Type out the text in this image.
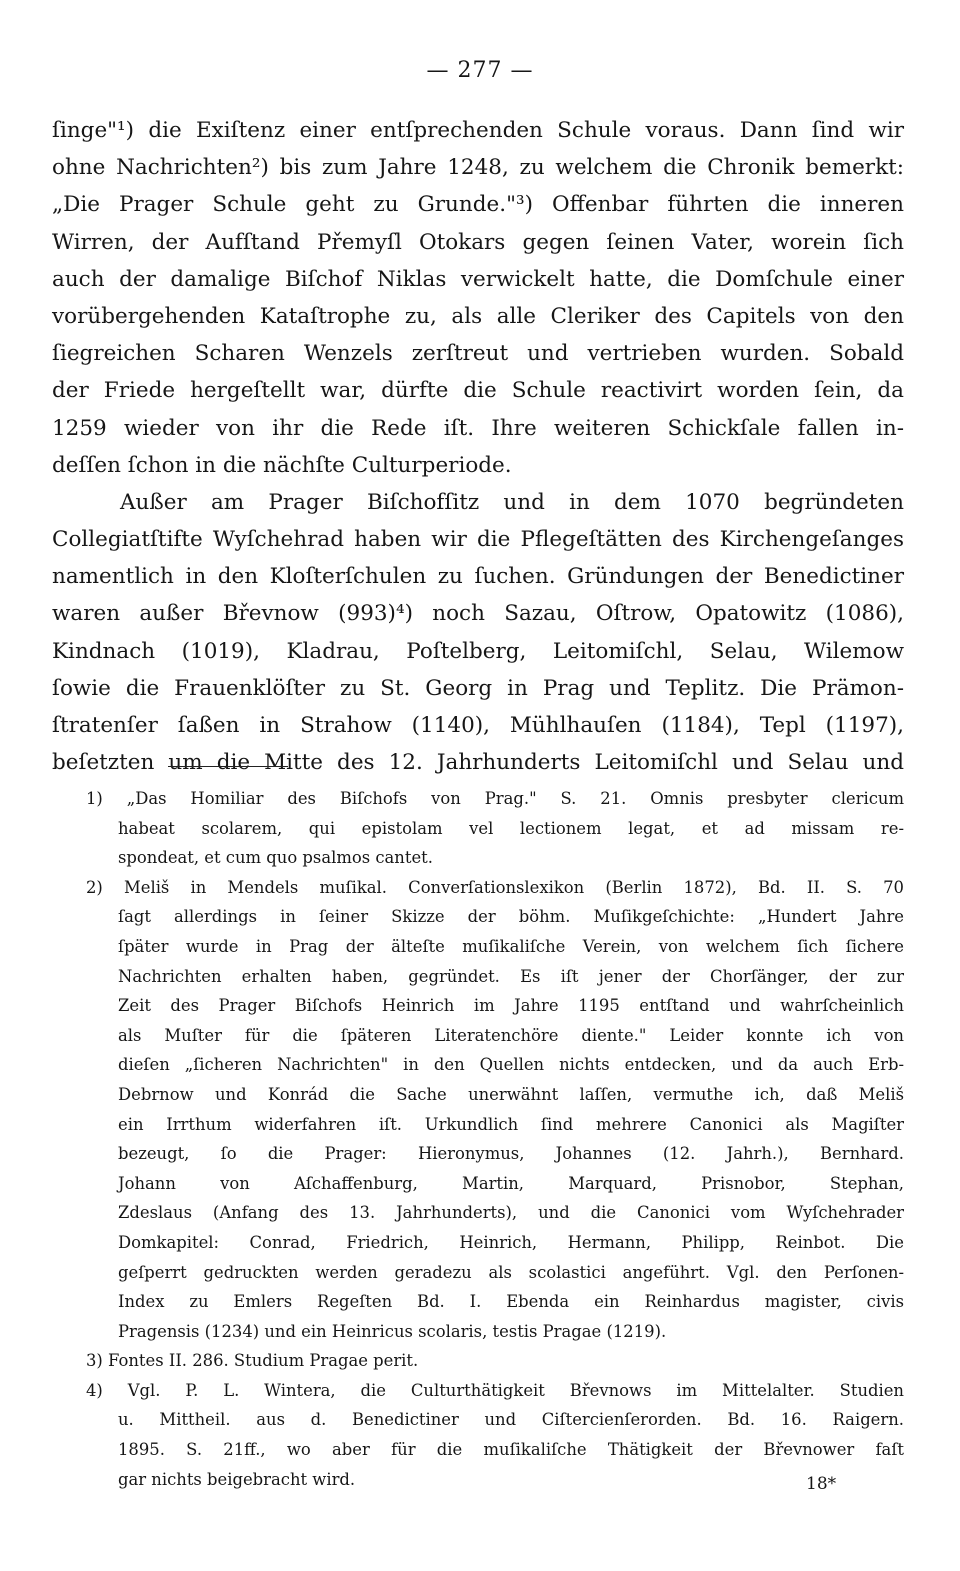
— 277 —
ſinge"¹) die Exiſtenz einer entſprechenden Schule voraus. Dann ſind wir
ohne Nachrichten²) bis zum Jahre 1248, zu welchem die Chronik bemerkt:
„Die Prager Schule geht zu Grunde."³) Offenbar führten die inneren
Wirren, der Aufſtand Přemyſl Otokars gegen ſeinen Vater, worein ſich
auch der damalige Biſchof Niklas verwickelt hatte, die Domſchule einer
vorübergehenden Kataſtrophe zu, als alle Cleriker des Capitels von den
ſiegreichen Scharen Wenzels zerſtreut und vertrieben wurden. Sobald
der Friede hergeſtellt war, dürfte die Schule reactivirt worden ſein, da
1259 wieder von ihr die Rede iſt. Ihre weiteren Schickſale fallen in-
deſſen ſchon in die nächſte Culturperiode.
Außer am Prager Biſchofſitz und in dem 1070 begründeten
Collegiatſtifte Wyſchehrad haben wir die Pflegeſtätten des Kirchengeſanges
namentlich in den Kloſterſchulen zu ſuchen. Gründungen der Benedictiner
waren außer Břevnow (993)⁴) noch Sazau, Oſtrow, Opatowitz (1086),
Kindnach (1019), Kladrau, Poſtelberg, Leitomiſchl, Selau, Wilemow
ſowie die Frauenklöſter zu St. Georg in Prag und Teplitz. Die Prämon-
ſtratenſer ſaßen in Strahow (1140), Mühlhauſen (1184), Tepl (1197),
beſetzten um die Mitte des 12. Jahrhunderts Leitomiſchl und Selau und
1) „Das Homiliar des Biſchofs von Prag." S. 21. Omnis presbyter clericum
habeat scolarem, qui epistolam vel lectionem legat, et ad missam re-
spondeat, et cum quo psalmos cantet.
2) Meliš in Mendels muſikal. Converſationslexikon (Berlin 1872), Bd. II. S. 70
ſagt allerdings in ſeiner Skizze der böhm. Muſikgeſchichte: „Hundert Jahre
ſpäter wurde in Prag der älteſte muſikaliſche Verein, von welchem ſich ſichere
Nachrichten erhalten haben, gegründet. Es iſt jener der Chorſänger, der zur
Zeit des Prager Biſchofs Heinrich im Jahre 1195 entſtand und wahrſcheinlich
als Muſter für die ſpäteren Literatenchöre diente." Leider konnte ich von
dieſen „ſicheren Nachrichten" in den Quellen nichts entdecken, und da auch Erb-
Debrnow und Konrád die Sache unerwähnt laſſen, vermuthe ich, daß Meliš
ein Irrthum widerfahren iſt. Urkundlich ſind mehrere Canonici als Magiſter
bezeugt, ſo die Prager: Hieronymus, Johannes (12. Jahrh.), Bernhard.
Johann von Aſchaffenburg, Martin, Marquard, Prisnobor, Stephan,
Zdeslaus (Anfang des 13. Jahrhunderts), und die Canonici vom Wyſchehrader
Domkapitel: Conrad, Friedrich, Heinrich, Hermann, Philipp, Reinbot. Die
geſperrt gedruckten werden geradezu als scolastici angeführt. Vgl. den Perſonen-
Index zu Emlers Regeſten Bd. I. Ebenda ein Reinhardus magister, civis
Pragensis (1234) und ein Heinricus scolaris, testis Pragae (1219).
3) Fontes II. 286. Studium Pragae perit.
4) Vgl. P. L. Wintera, die Culturthätigkeit Břevnows im Mittelalter. Studien
u. Mittheil. aus d. Benedictiner und Ciſtercienſerorden. Bd. 16. Raigern.
1895. S. 21ff., wo aber für die muſikaliſche Thätigkeit der Břevnower faſt
gar nichts beigebracht wird.	18*
